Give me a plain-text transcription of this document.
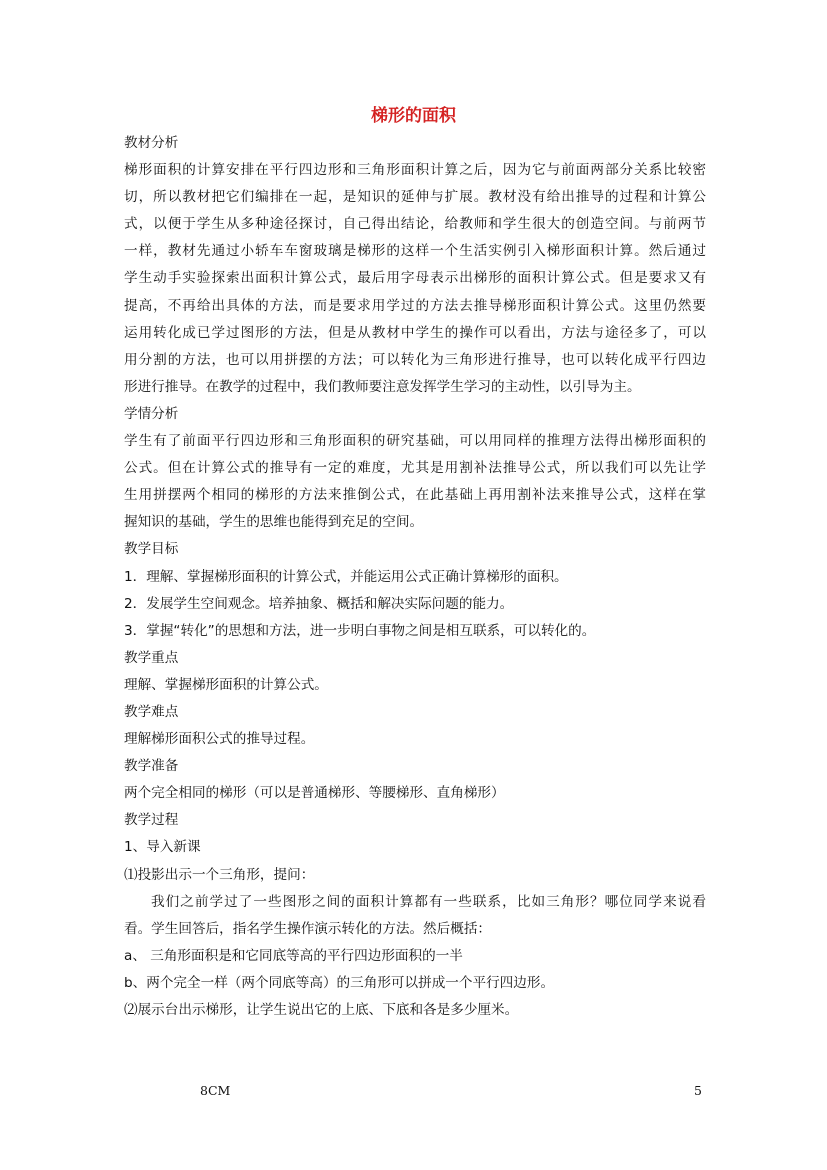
梯形的面积
教材分析
梯形面积的计算安排在平行四边形和三角形面积计算之后，因为它与前面两部分关系比较密
切，所以教材把它们编排在一起，是知识的延伸与扩展。教材没有给出推导的过程和计算公
式，以便于学生从多种途径探讨，自己得出结论，给教师和学生很大的创造空间。与前两节
一样，教材先通过小轿车车窗玻璃是梯形的这样一个生活实例引入梯形面积计算。然后通过
学生动手实验探索出面积计算公式，最后用字母表示出梯形的面积计算公式。但是要求又有
提高，不再给出具体的方法，而是要求用学过的方法去推导梯形面积计算公式。这里仍然要
运用转化成已学过图形的方法，但是从教材中学生的操作可以看出，方法与途径多了，可以
用分割的方法，也可以用拼摆的方法；可以转化为三角形进行推导，也可以转化成平行四边
形进行推导。在教学的过程中，我们教师要注意发挥学生学习的主动性，以引导为主。
学情分析
学生有了前面平行四边形和三角形面积的研究基础，可以用同样的推理方法得出梯形面积的
公式。但在计算公式的推导有一定的难度，尤其是用割补法推导公式，所以我们可以先让学
生用拼摆两个相同的梯形的方法来推倒公式，在此基础上再用割补法来推导公式，这样在掌
握知识的基础，学生的思维也能得到充足的空间。
教学目标
1．理解、掌握梯形面积的计算公式，并能运用公式正确计算梯形的面积。
2．发展学生空间观念。培养抽象、概括和解决实际问题的能力。
3．掌握“转化”的思想和方法，进一步明白事物之间是相互联系，可以转化的。
教学重点
理解、掌握梯形面积的计算公式。
教学难点
理解梯形面积公式的推导过程。
教学准备
两个完全相同的梯形（可以是普通梯形、等腰梯形、直角梯形）
教学过程
1、导入新课
⑴投影出示一个三角形，提问：
我们之前学过了一些图形之间的面积计算都有一些联系，比如三角形？哪位同学来说看
看。学生回答后，指名学生操作演示转化的方法。然后概括：
a、 三角形面积是和它同底等高的平行四边形面积的一半
b、两个完全一样（两个同底等高）的三角形可以拼成一个平行四边形。
⑵展示台出示梯形，让学生说出它的上底、下底和各是多少厘米。
8CM	5
